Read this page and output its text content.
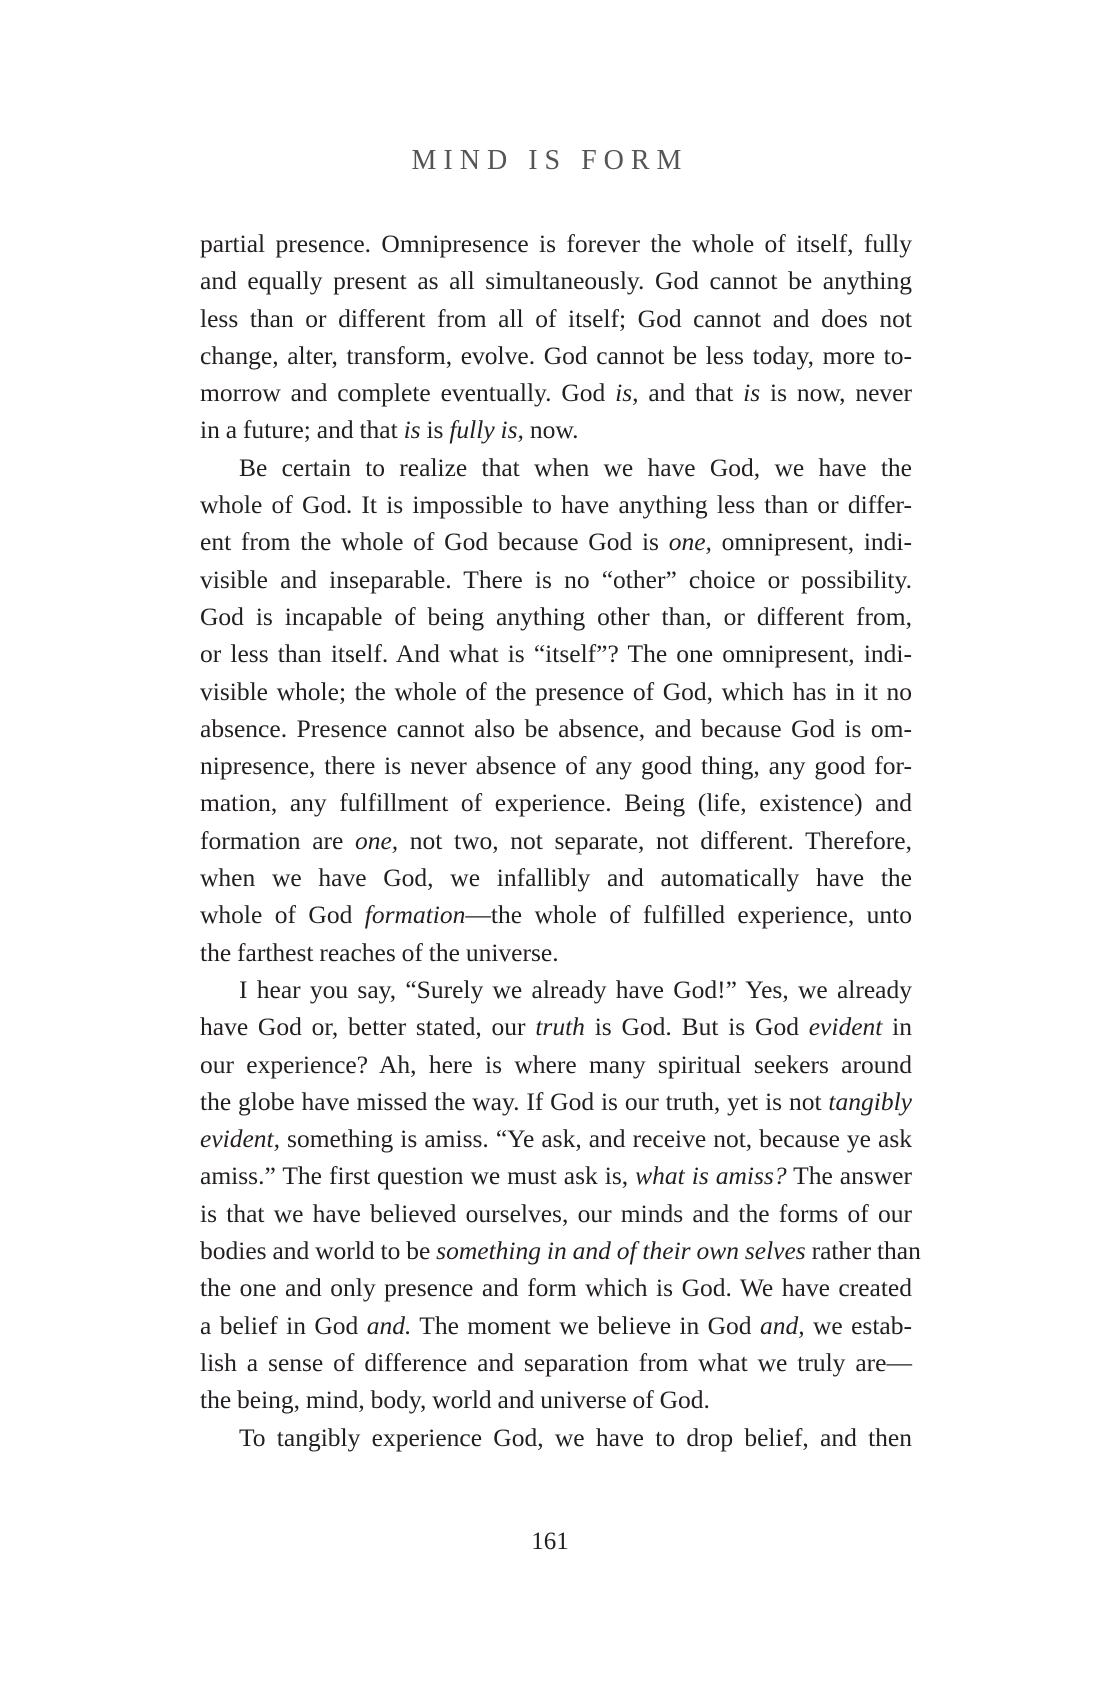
MIND IS FORM
partial presence. Omnipresence is forever the whole of itself, fully
and equally present as all simultaneously. God cannot be anything
less than or different from all of itself; God cannot and does not
change, alter, transform, evolve. God cannot be less today, more to-
morrow and complete eventually. God is, and that is is now, never
in a future; and that is is fully is, now.
Be certain to realize that when we have God, we have the
whole of God. It is impossible to have anything less than or differ-
ent from the whole of God because God is one, omnipresent, indi-
visible and inseparable. There is no “other” choice or possibility.
God is incapable of being anything other than, or different from,
or less than itself. And what is “itself”? The one omnipresent, indi-
visible whole; the whole of the presence of God, which has in it no
absence. Presence cannot also be absence, and because God is om-
nipresence, there is never absence of any good thing, any good for-
mation, any fulfillment of experience. Being (life, existence) and
formation are one, not two, not separate, not different. Therefore,
when we have God, we infallibly and automatically have the
whole of God formation—the whole of fulfilled experience, unto
the farthest reaches of the universe.
I hear you say, “Surely we already have God!” Yes, we already
have God or, better stated, our truth is God. But is God evident in
our experience? Ah, here is where many spiritual seekers around
the globe have missed the way. If God is our truth, yet is not tangibly
evident, something is amiss. “Ye ask, and receive not, because ye ask
amiss.” The first question we must ask is, what is amiss? The answer
is that we have believed ourselves, our minds and the forms of our
bodies and world to be something in and of their own selves rather than
the one and only presence and form which is God. We have created
a belief in God and. The moment we believe in God and, we estab-
lish a sense of difference and separation from what we truly are—
the being, mind, body, world and universe of God.
To tangibly experience God, we have to drop belief, and then
161
